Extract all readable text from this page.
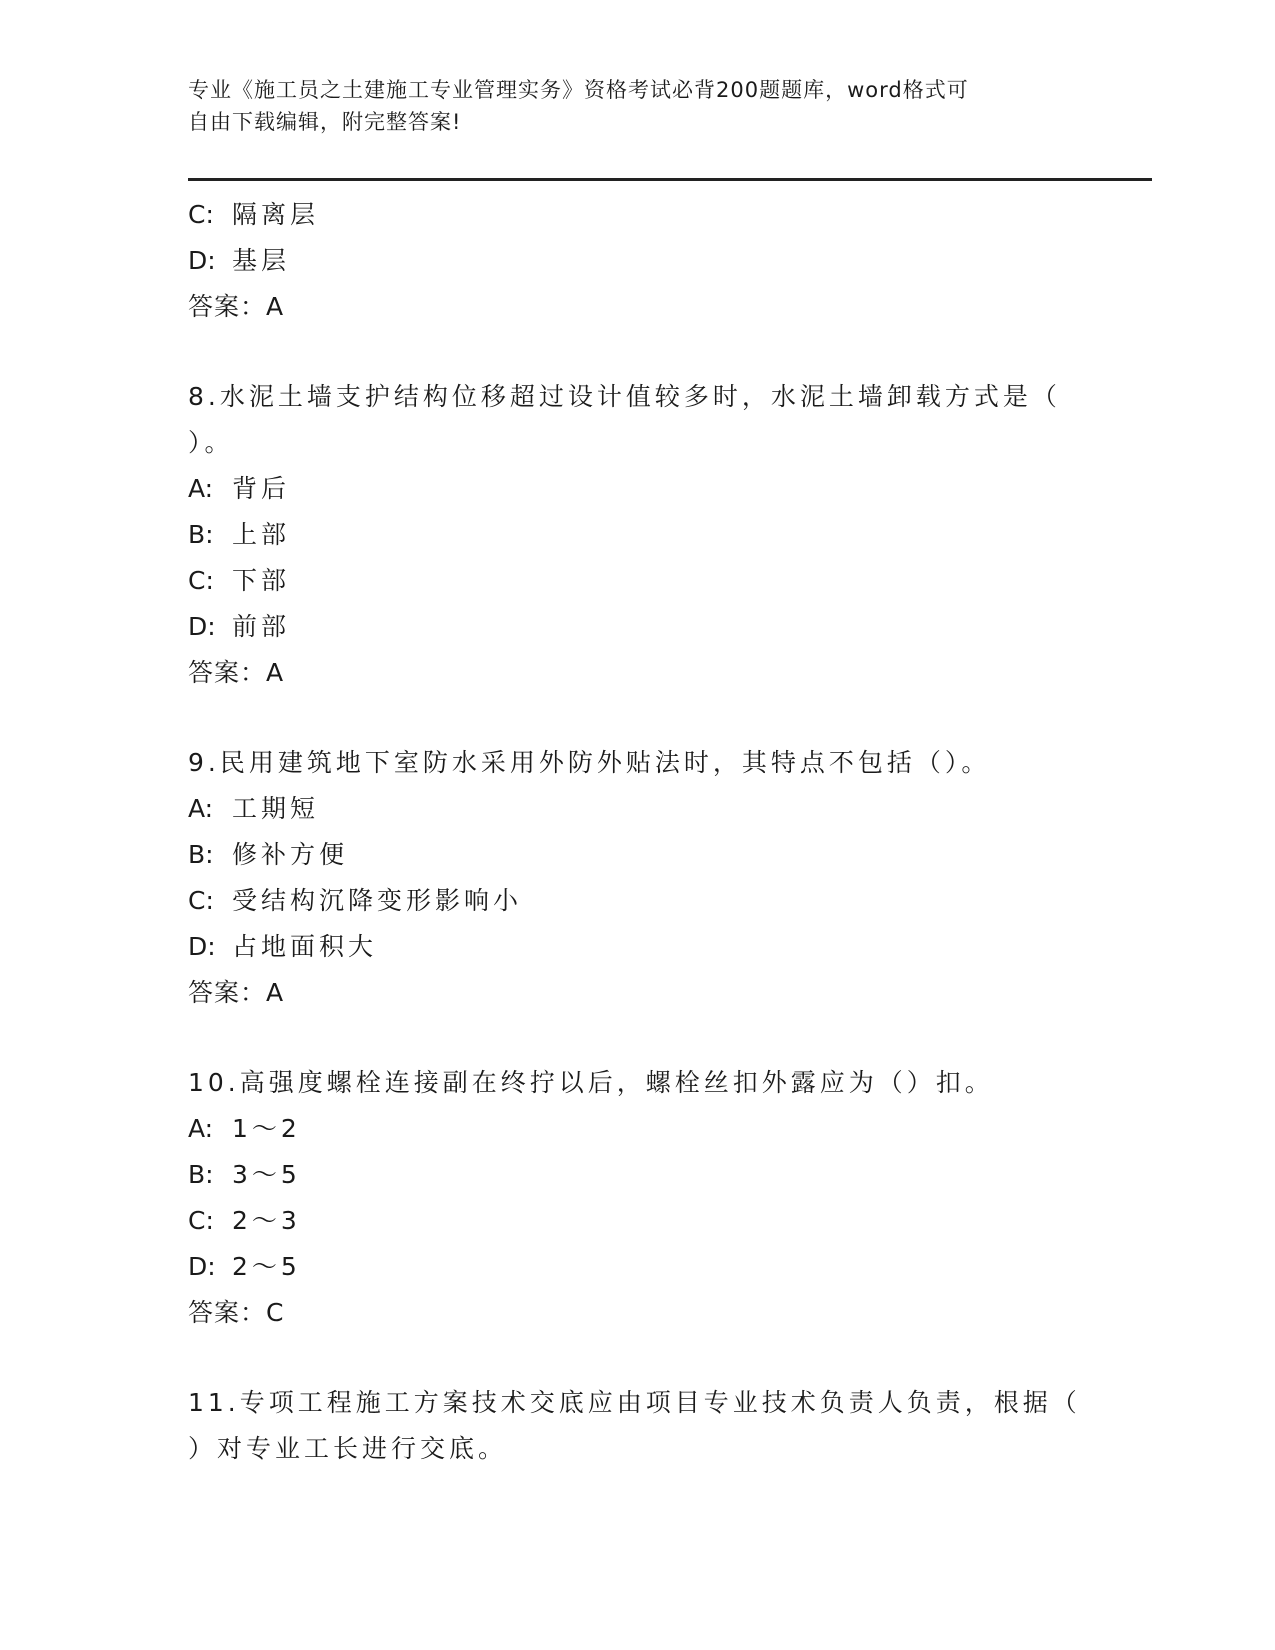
专业《施工员之土建施工专业管理实务》资格考试必背200题题库，word格式可
自由下载编辑，附完整答案!
C: 隔离层
D: 基层
答案：A
8.水泥土墙支护结构位移超过设计值较多时，水泥土墙卸载方式是（
）。
A: 背后
B: 上部
C: 下部
D: 前部
答案：A
9.民用建筑地下室防水采用外防外贴法时，其特点不包括（）。
A: 工期短
B: 修补方便
C: 受结构沉降变形影响小
D: 占地面积大
答案：A
10.高强度螺栓连接副在终拧以后，螺栓丝扣外露应为（）扣。
A: 1～2
B: 3～5
C: 2～3
D: 2～5
答案：C
11.专项工程施工方案技术交底应由项目专业技术负责人负责，根据（
）对专业工长进行交底。
